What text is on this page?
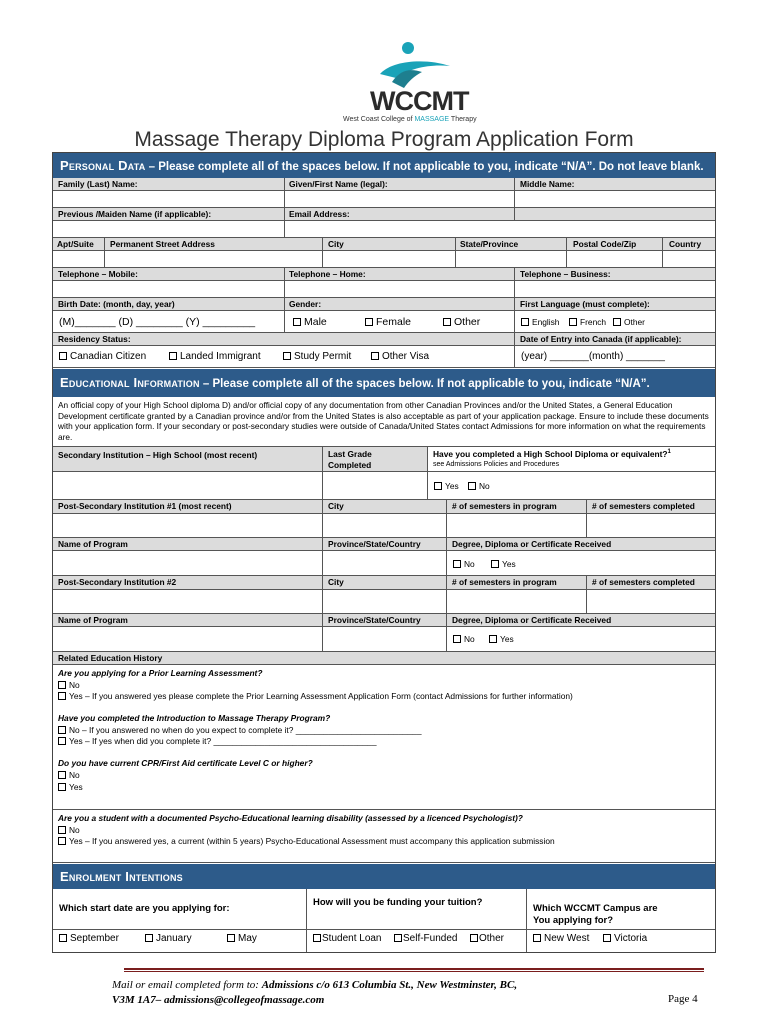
WCCMT
West Coast College of MASSAGE Therapy
Massage Therapy Diploma Program Application Form
Personal Data – Please complete all of the spaces below. If not applicable to you, indicate “N/A”. Do not leave blank.
Family (Last) Name:	Given/First Name (legal):	Middle Name:
Previous /Maiden Name (if applicable):	Email Address:
Apt/Suite Permanent Street Address	City	State/Province	Postal Code/Zip	Country
Telephone – Mobile:	Telephone – Home:	Telephone – Business:
Birth Date: (month, day, year)	Gender:	First Language (must complete):
(M)_______ (D) ________ (Y) _________	Male	Female	Other	English	French	Other
Residency Status:	Date of Entry into Canada (if applicable):
Canadian Citizen	Landed Immigrant	Study Permit	Other Visa	(year) _______(month) _______
Educational Information – Please complete all of the spaces below. If not applicable to you, indicate “N/A”.
An official copy of your High School diploma D) and/or official copy of any documentation from other Canadian Provinces and/or the United States, a General Education Development certificate granted by a Canadian province and/or from the United States is also acceptable as part of your application package. Ensure to include these documents with your application form. If your secondary or post-secondary studies were outside of Canada/United States contact Admissions for more information on what the requirements are.
Secondary Institution – High School (most recent)	Last Grade
Completed
Have you completed a High School Diploma or equivalent?$^1$
see Admissions Policies and Procedures
Yes	No
Post-Secondary Institution #1 (most recent)	City	# of semesters in program	# of semesters completed
Name of Program	Province/State/Country	Degree, Diploma or Certificate Received
No	Yes
Post-Secondary Institution #2	City	# of semesters in program	# of semesters completed
Name of Program	Province/State/Country	Degree, Diploma or Certificate Received
No	Yes
Related Education History
Are you applying for a Prior Learning Assessment?
No
Yes – If you answered yes please complete the Prior Learning Assessment Application Form (contact Admissions for further information)
Have you completed the Introduction to Massage Therapy Program?
No – If you answered no when do you expect to complete it? ___________________________
Yes – If yes when did you complete it? ___________________________________
Do you have current CPR/First Aid certificate Level C or higher?
No
Yes
Are you a student with a documented Psycho-Educational learning disability (assessed by a licenced Psychologist)?
No
Yes – If you answered yes, a current (within 5 years) Psycho-Educational Assessment must accompany this application submission
Enrolment Intentions
Which start date are you applying for:
How will you be funding your tuition?
Which WCCMT Campus are
You applying for?
September	January	May	Student Loan	Self-Funded	Other	New West	Victoria
Mail or email completed form to: Admissions c/o 613 Columbia St., New Westminster, BC,
V3M 1A7– admissions@collegeofmassage.com	Page 4
